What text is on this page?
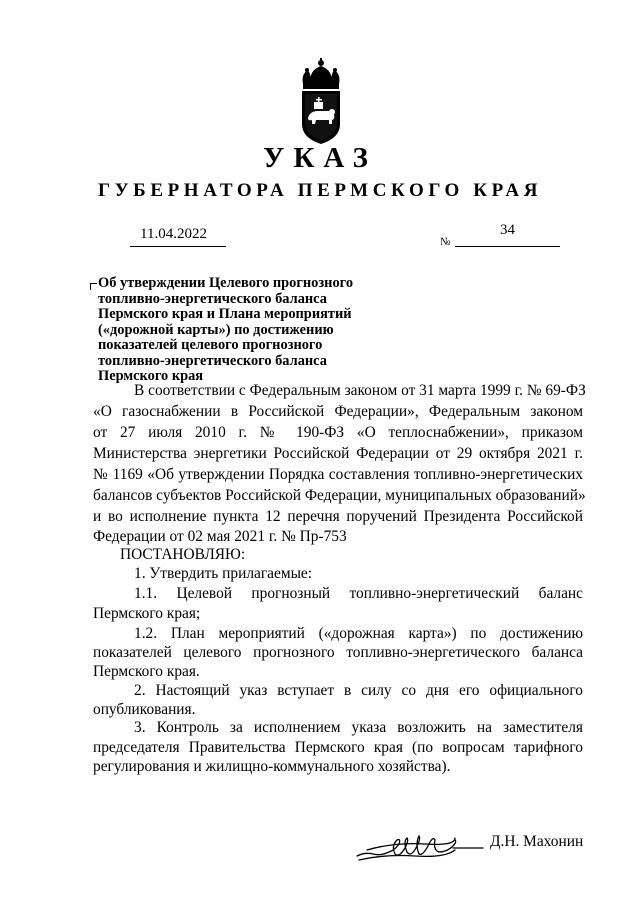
УКАЗ
ГУБЕРНАТОРА ПЕРМСКОГО КРАЯ
11.04.2022	№
34
Об утверждении Целевого прогнозного
топливно-энергетического баланса
Пермского края и Плана мероприятий
(«дорожной карты») по достижению
показателей целевого прогнозного
топливно-энергетического баланса
Пермского края
В соответствии с Федеральным законом от 31 марта 1999 г. № 69-ФЗ
«О газоснабжении в Российской Федерации», Федеральным законом
от 27 июля 2010 г. № 190-ФЗ «О теплоснабжении», приказом
Министерства энергетики Российской Федерации от 29 октября 2021 г.
№ 1169 «Об утверждении Порядка составления топливно-энергетических
балансов субъектов Российской Федерации, муниципальных образований»
и во исполнение пункта 12 перечня поручений Президента Российской
Федерации от 02 мая 2021 г. № Пр-753
ПОСТАНОВЛЯЮ:
1. Утвердить прилагаемые:
1.1. Целевой прогнозный топливно-энергетический баланс
Пермского края;
1.2. План мероприятий («дорожная карта») по достижению
показателей целевого прогнозного топливно-энергетического баланса
Пермского края.
2. Настоящий указ вступает в силу со дня его официального
опубликования.
3. Контроль за исполнением указа возложить на заместителя
председателя Правительства Пермского края (по вопросам тарифного
регулирования и жилищно-коммунального хозяйства).
Д.Н. Махонин
